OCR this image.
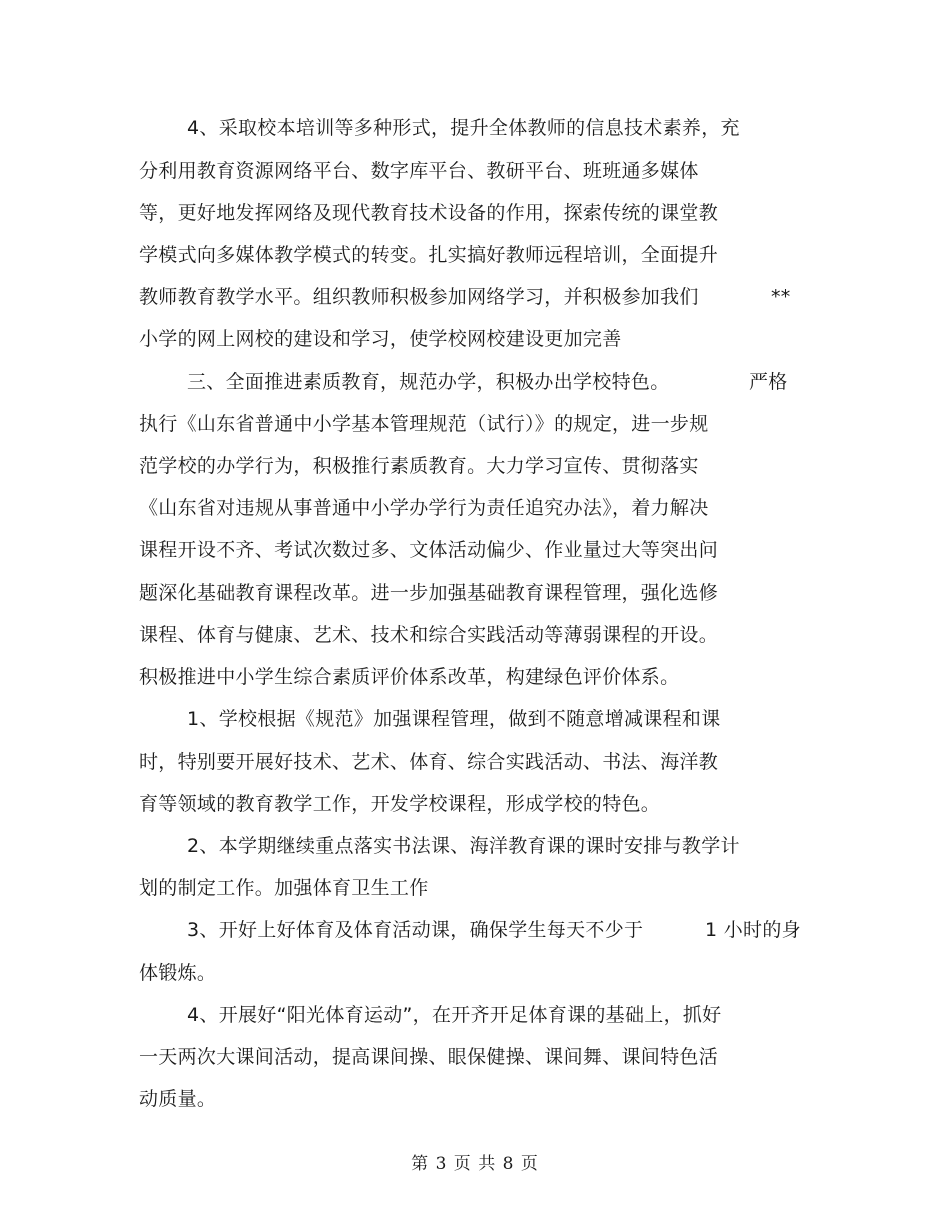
4、采取校本培训等多种形式，提升全体教师的信息技术素养，充
分利用教育资源网络平台、数字库平台、教研平台、班班通多媒体
等，更好地发挥网络及现代教育技术设备的作用，探索传统的课堂教
学模式向多媒体教学模式的转变。扎实搞好教师远程培训，全面提升
教师教育教学水平。组织教师积极参加网络学习，并积极参加我们	**
小学的网上网校的建设和学习，使学校网校建设更加完善
三、全面推进素质教育，规范办学，积极办出学校特色。	严格
执行《山东省普通中小学基本管理规范（试行）》的规定，进一步规
范学校的办学行为，积极推行素质教育。大力学习宣传、贯彻落实
《山东省对违规从事普通中小学办学行为责任追究办法》，着力解决
课程开设不齐、考试次数过多、文体活动偏少、作业量过大等突出问
题深化基础教育课程改革。进一步加强基础教育课程管理，强化选修
课程、体育与健康、艺术、技术和综合实践活动等薄弱课程的开设。
积极推进中小学生综合素质评价体系改革，构建绿色评价体系。
1、学校根据《规范》加强课程管理，做到不随意增减课程和课
时，特别要开展好技术、艺术、体育、综合实践活动、书法、海洋教
育等领域的教育教学工作，开发学校课程，形成学校的特色。
2、本学期继续重点落实书法课、海洋教育课的课时安排与教学计
划的制定工作。加强体育卫生工作
3、开好上好体育及体育活动课，确保学生每天不少于	1 小时的身
体锻炼。
4、开展好“阳光体育运动”，在开齐开足体育课的基础上，抓好
一天两次大课间活动，提高课间操、眼保健操、课间舞、课间特色活
动质量。
第 3 页 共 8 页
